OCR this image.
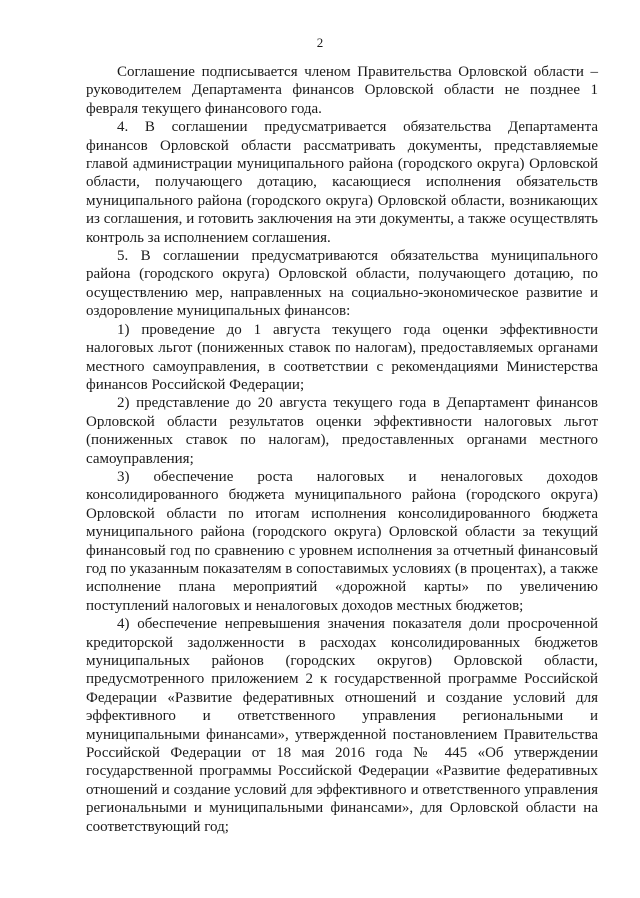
2

Соглашение подписывается членом Правительства Орловской области – руководителем Департамента финансов Орловской области не позднее 1 февраля текущего финансового года.

4. В соглашении предусматривается обязательства Департамента финансов Орловской области рассматривать документы, представляемые главой администрации муниципального района (городского округа) Орловской области, получающего дотацию, касающиеся исполнения обязательств муниципального района (городского округа) Орловской области, возникающих из соглашения, и готовить заключения на эти документы, а также осуществлять контроль за исполнением соглашения.

5. В соглашении предусматриваются обязательства муниципального района (городского округа) Орловской области, получающего дотацию, по осуществлению мер, направленных на социально-экономическое развитие и оздоровление муниципальных финансов:

1) проведение до 1 августа текущего года оценки эффективности налоговых льгот (пониженных ставок по налогам), предоставляемых органами местного самоуправления, в соответствии с рекомендациями Министерства финансов Российской Федерации;

2) представление до 20 августа текущего года в Департамент финансов Орловской области результатов оценки эффективности налоговых льгот (пониженных ставок по налогам), предоставленных органами местного самоуправления;

3) обеспечение роста налоговых и неналоговых доходов консолидированного бюджета муниципального района (городского округа) Орловской области по итогам исполнения консолидированного бюджета муниципального района (городского округа) Орловской области за текущий финансовый год по сравнению с уровнем исполнения за отчетный финансовый год по указанным показателям в сопоставимых условиях (в процентах), а также исполнение плана мероприятий «дорожной карты» по увеличению поступлений налоговых и неналоговых доходов местных бюджетов;

4) обеспечение непревышения значения показателя доли просроченной кредиторской задолженности в расходах консолидированных бюджетов муниципальных районов (городских округов) Орловской области, предусмотренного приложением 2 к государственной программе Российской Федерации «Развитие федеративных отношений и создание условий для эффективного и ответственного управления региональными и муниципальными финансами», утвержденной постановлением Правительства Российской Федерации от 18 мая 2016 года № 445 «Об утверждении государственной программы Российской Федерации «Развитие федеративных отношений и создание условий для эффективного и ответственного управления региональными и муниципальными финансами», для Орловской области на соответствующий год;
